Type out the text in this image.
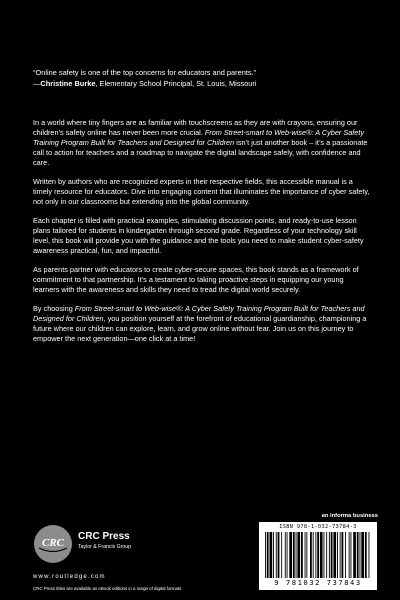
“Online safety is one of the top concerns for educators and parents.”
—Christine Burke, Elementary School Principal, St. Louis, Missouri

In a world where tiny fingers are as familiar with touchscreens as they are with crayons, ensuring our children’s safety online has never been more crucial. From Street-smart to Web-wise®: A Cyber Safety Training Program Built for Teachers and Designed for Children isn’t just another book – it’s a passionate call to action for teachers and a roadmap to navigate the digital landscape safely, with confidence and care.

Written by authors who are recognized experts in their respective fields, this accessible manual is a timely resource for educators. Dive into engaging content that illuminates the importance of cyber safety, not only in our classrooms but extending into the global community.

Each chapter is filled with practical examples, stimulating discussion points, and ready-to-use lesson plans tailored for students in kindergarten through second grade. Regardless of your technology skill level, this book will provide you with the guidance and the tools you need to make student cyber-safety awareness practical, fun, and impactful.

As parents partner with educators to create cyber-secure spaces, this book stands as a framework of commitment to that partnership. It’s a testament to taking proactive steps in equipping our young learners with the awareness and skills they need to tread the digital world securely.

By choosing From Street-smart to Web-wise®: A Cyber Safety Training Program Built for Teachers and Designed for Children, you position yourself at the forefront of educational guardianship, championing a future where our children can explore, learn, and grow online without fear. Join us on this journey to empower the next generation—one click at a time!

an informa business
CRC
CRC Press
Taylor & Francis Group
www.routledge.com
CRC Press titles are available as eBook editions in a range of digital formats
ISBN 978-1-032-73784-3
9 781032 737843
